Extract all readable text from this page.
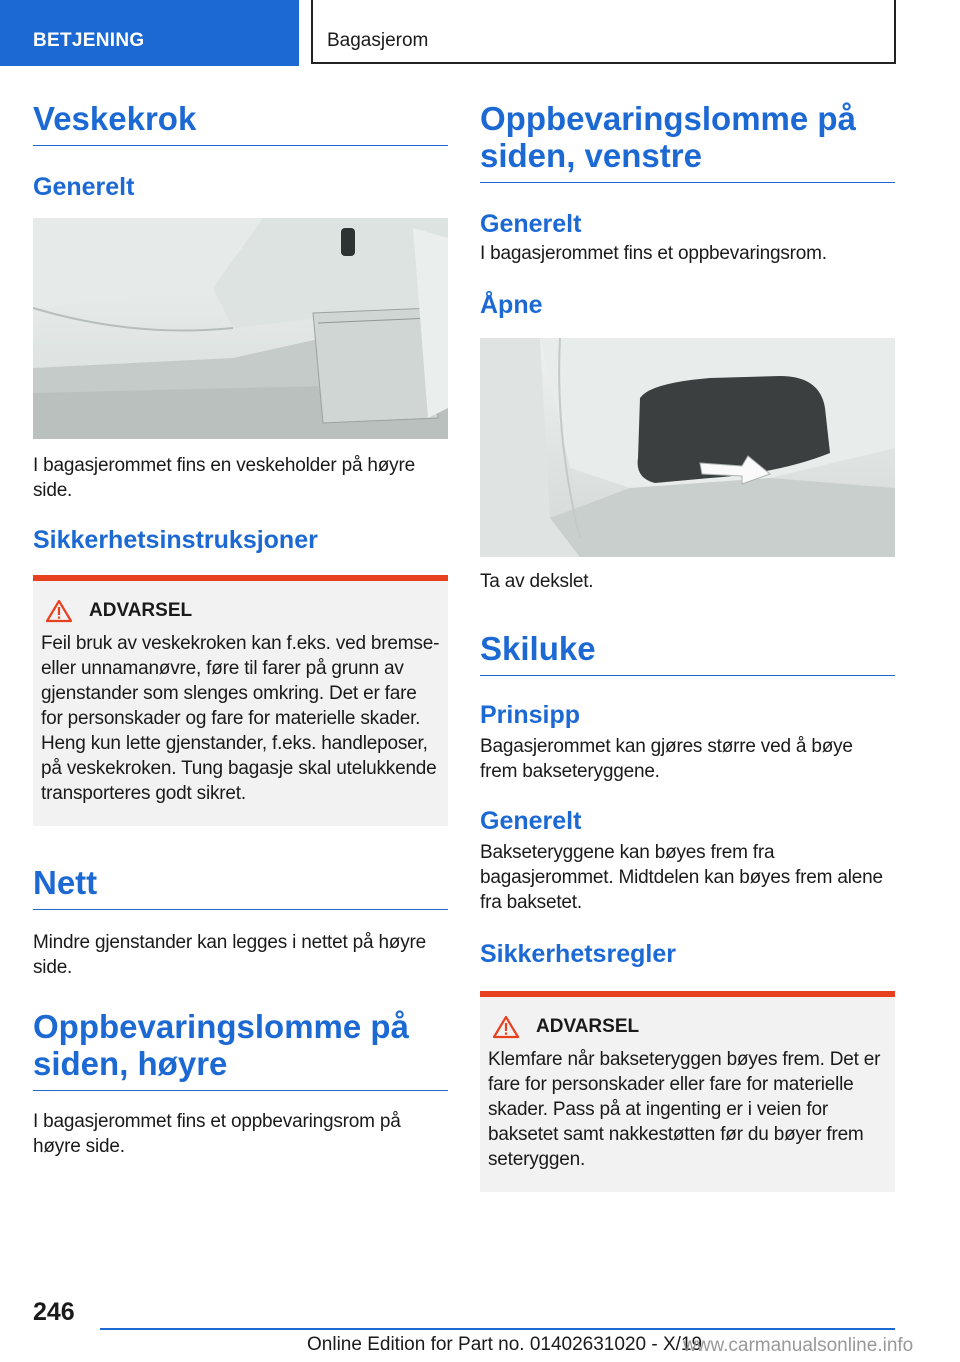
BETJENING	Bagasjerom
Veskekrok
Generelt

I bagasjerommet fins en veskeholder på høyre side.

Sikkerhetsinstruksjoner
ADVARSEL

Feil bruk av veskekroken kan f.eks. ved bremse- eller unnamanøvre, føre til farer på grunn av gjenstander som slenges omkring. Det er fare for personskader og fare for materielle skader. Heng kun lette gjenstander, f.eks. handleposer, på veskekroken. Tung bagasje skal utelukkende transporteres godt sikret.

Nett

Mindre gjenstander kan legges i nettet på høyre side.

Oppbevaringslomme på siden, høyre

I bagasjerommet fins et oppbevaringsrom på høyre side.

Oppbevaringslomme på siden, venstre
Generelt

I bagasjerommet fins et oppbevaringsrom.

Åpne

Ta av dekslet.

Skiluke
Prinsipp

Bagasjerommet kan gjøres større ved å bøye frem bakseteryggene.

Generelt

Bakseteryggene kan bøyes frem fra bagasjerommet. Midtdelen kan bøyes frem alene fra baksetet.

Sikkerhetsregler
ADVARSEL

Klemfare når bakseteryggen bøyes frem. Det er fare for personskader eller fare for materielle skader. Pass på at ingenting er i veien for baksetet samt nakkestøtten før du bøyer frem seteryggen.

246
Online Edition for Part no. 01402631020 - X/19
www.carmanualsonline.info
